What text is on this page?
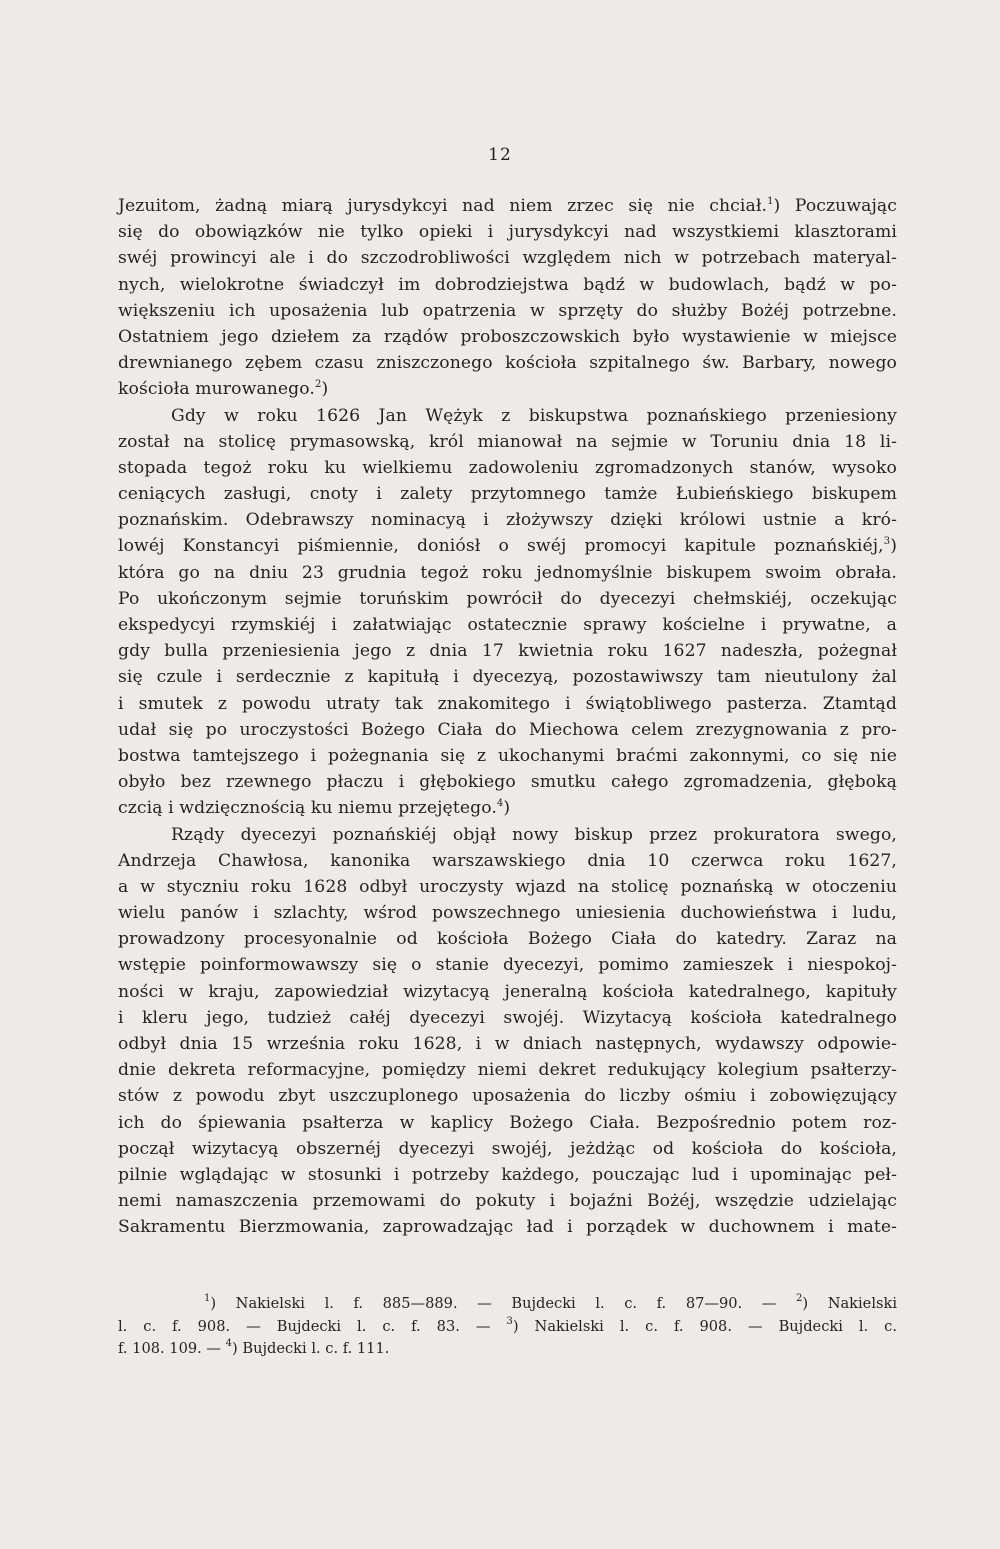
12
Jezuitom, żadną miarą jurysdykcyi nad niem zrzec się nie chciał.$^1$) Poczuwając
się do obowiązków nie tylko opieki i jurysdykcyi nad wszystkiemi klasztorami
swéj prowincyi ale i do szczodrobliwości względem nich w potrzebach materyal-
nych, wielokrotne świadczył im dobrodziejstwa bądź w budowlach, bądź w po-
większeniu ich uposażenia lub opatrzenia w sprzęty do służby Bożéj potrzebne.
Ostatniem jego dziełem za rządów proboszczowskich było wystawienie w miejsce
drewnianego zębem czasu zniszczonego kościoła szpitalnego św. Barbary, nowego
kościoła murowanego.$^2$)
Gdy w roku 1626 Jan Wężyk z biskupstwa poznańskiego przeniesiony
został na stolicę prymasowską, król mianował na sejmie w Toruniu dnia 18 li-
stopada tegoż roku ku wielkiemu zadowoleniu zgromadzonych stanów, wysoko
ceniących zasługi, cnoty i zalety przytomnego tamże Łubieńskiego biskupem
poznańskim. Odebrawszy nominacyą i złożywszy dzięki królowi ustnie a kró-
lowéj Konstancyi piśmiennie, doniósł o swéj promocyi kapitule poznańskiéj,$^3$)
która go na dniu 23 grudnia tegoż roku jednomyślnie biskupem swoim obrała.
Po ukończonym sejmie toruńskim powrócił do dyecezyi chełmskiéj, oczekując
ekspedycyi rzymskiéj i załatwiając ostatecznie sprawy kościelne i prywatne, a
gdy bulla przeniesienia jego z dnia 17 kwietnia roku 1627 nadeszła, pożegnał
się czule i serdecznie z kapitułą i dyecezyą, pozostawiwszy tam nieutulony żal
i smutek z powodu utraty tak znakomitego i świątobliwego pasterza. Ztamtąd
udał się po uroczystości Bożego Ciała do Miechowa celem zrezygnowania z pro-
bostwa tamtejszego i pożegnania się z ukochanymi braćmi zakonnymi, co się nie
obyło bez rzewnego płaczu i głębokiego smutku całego zgromadzenia, głęboką
czcią i wdzięcznością ku niemu przejętego.$^4$)
Rządy dyecezyi poznańskiéj objął nowy biskup przez prokuratora swego,
Andrzeja Chawłosa, kanonika warszawskiego dnia 10 czerwca roku 1627,
a w styczniu roku 1628 odbył uroczysty wjazd na stolicę poznańską w otoczeniu
wielu panów i szlachty, wśrod powszechnego uniesienia duchowieństwa i ludu,
prowadzony procesyonalnie od kościoła Bożego Ciała do katedry. Zaraz na
wstępie poinformowawszy się o stanie dyecezyi, pomimo zamieszek i niespokoj-
ności w kraju, zapowiedział wizytacyą jeneralną kościoła katedralnego, kapituły
i kleru jego, tudzież całéj dyecezyi swojéj. Wizytacyą kościoła katedralnego
odbył dnia 15 września roku 1628, i w dniach następnych, wydawszy odpowie-
dnie dekreta reformacyjne, pomiędzy niemi dekret redukujący kolegium psałterzy-
stów z powodu zbyt uszczuplonego uposażenia do liczby ośmiu i zobowięzujący
ich do śpiewania psałterza w kaplicy Bożego Ciała. Bezpośrednio potem roz-
począł wizytacyą obszernéj dyecezyi swojéj, jeżdżąc od kościoła do kościoła,
pilnie wglądając w stosunki i potrzeby każdego, pouczając lud i upominając peł-
nemi namaszczenia przemowami do pokuty i bojaźni Bożéj, wszędzie udzielając
Sakramentu Bierzmowania, zaprowadzając ład i porządek w duchownem i mate-
$^1$) Nakielski l. f. 885—889. — Bujdecki l. c. f. 87—90. — $^2$) Nakielski
l. c. f. 908. — Bujdecki l. c. f. 83. — $^3$) Nakielski l. c. f. 908. — Bujdecki l. c.
f. 108. 109. — $^4$) Bujdecki l. c. f. 111.
